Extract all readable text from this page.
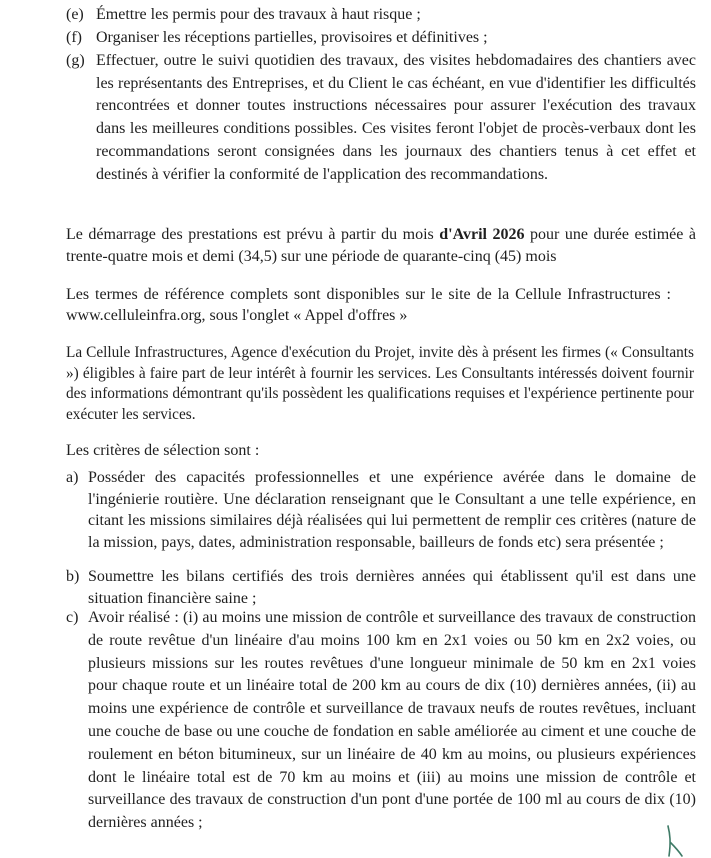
(e) Émettre les permis pour des travaux à haut risque ;
(f) Organiser les réceptions partielles, provisoires et définitives ;
(g) Effectuer, outre le suivi quotidien des travaux, des visites hebdomadaires des chantiers avec les représentants des Entreprises, et du Client le cas échéant, en vue d'identifier les difficultés rencontrées et donner toutes instructions nécessaires pour assurer l'exécution des travaux dans les meilleures conditions possibles. Ces visites feront l'objet de procès-verbaux dont les recommandations seront consignées dans les journaux des chantiers tenus à cet effet et destinés à vérifier la conformité de l'application des recommandations.

Le démarrage des prestations est prévu à partir du mois d'Avril 2026 pour une durée estimée à trente-quatre mois et demi (34,5) sur une période de quarante-cinq (45) mois

Les termes de référence complets sont disponibles sur le site de la Cellule Infrastructures : www.celluleinfra.org, sous l'onglet « Appel d'offres »

La Cellule Infrastructures, Agence d'exécution du Projet, invite dès à présent les firmes (« Consultants ») éligibles à faire part de leur intérêt à fournir les services. Les Consultants intéressés doivent fournir des informations démontrant qu'ils possèdent les qualifications requises et l'expérience pertinente pour exécuter les services.

Les critères de sélection sont :

a) Posséder des capacités professionnelles et une expérience avérée dans le domaine de l'ingénierie routière. Une déclaration renseignant que le Consultant a une telle expérience, en citant les missions similaires déjà réalisées qui lui permettent de remplir ces critères (nature de la mission, pays, dates, administration responsable, bailleurs de fonds etc) sera présentée ;
b) Soumettre les bilans certifiés des trois dernières années qui établissent qu'il est dans une situation financière saine ;
c) Avoir réalisé : (i) au moins une mission de contrôle et surveillance des travaux de construction de route revêtue d'un linéaire d'au moins 100 km en 2x1 voies ou 50 km en 2x2 voies, ou plusieurs missions sur les routes revêtues d'une longueur minimale de 50 km en 2x1 voies pour chaque route et un linéaire total de 200 km au cours de dix (10) dernières années, (ii) au moins une expérience de contrôle et surveillance de travaux neufs de routes revêtues, incluant une couche de base ou une couche de fondation en sable améliorée au ciment et une couche de roulement en béton bitumineux, sur un linéaire de 40 km au moins, ou plusieurs expériences dont le linéaire total est de 70 km au moins et (iii) au moins une mission de contrôle et surveillance des travaux de construction d'un pont d'une portée de 100 ml au cours de dix (10) dernières années ;
